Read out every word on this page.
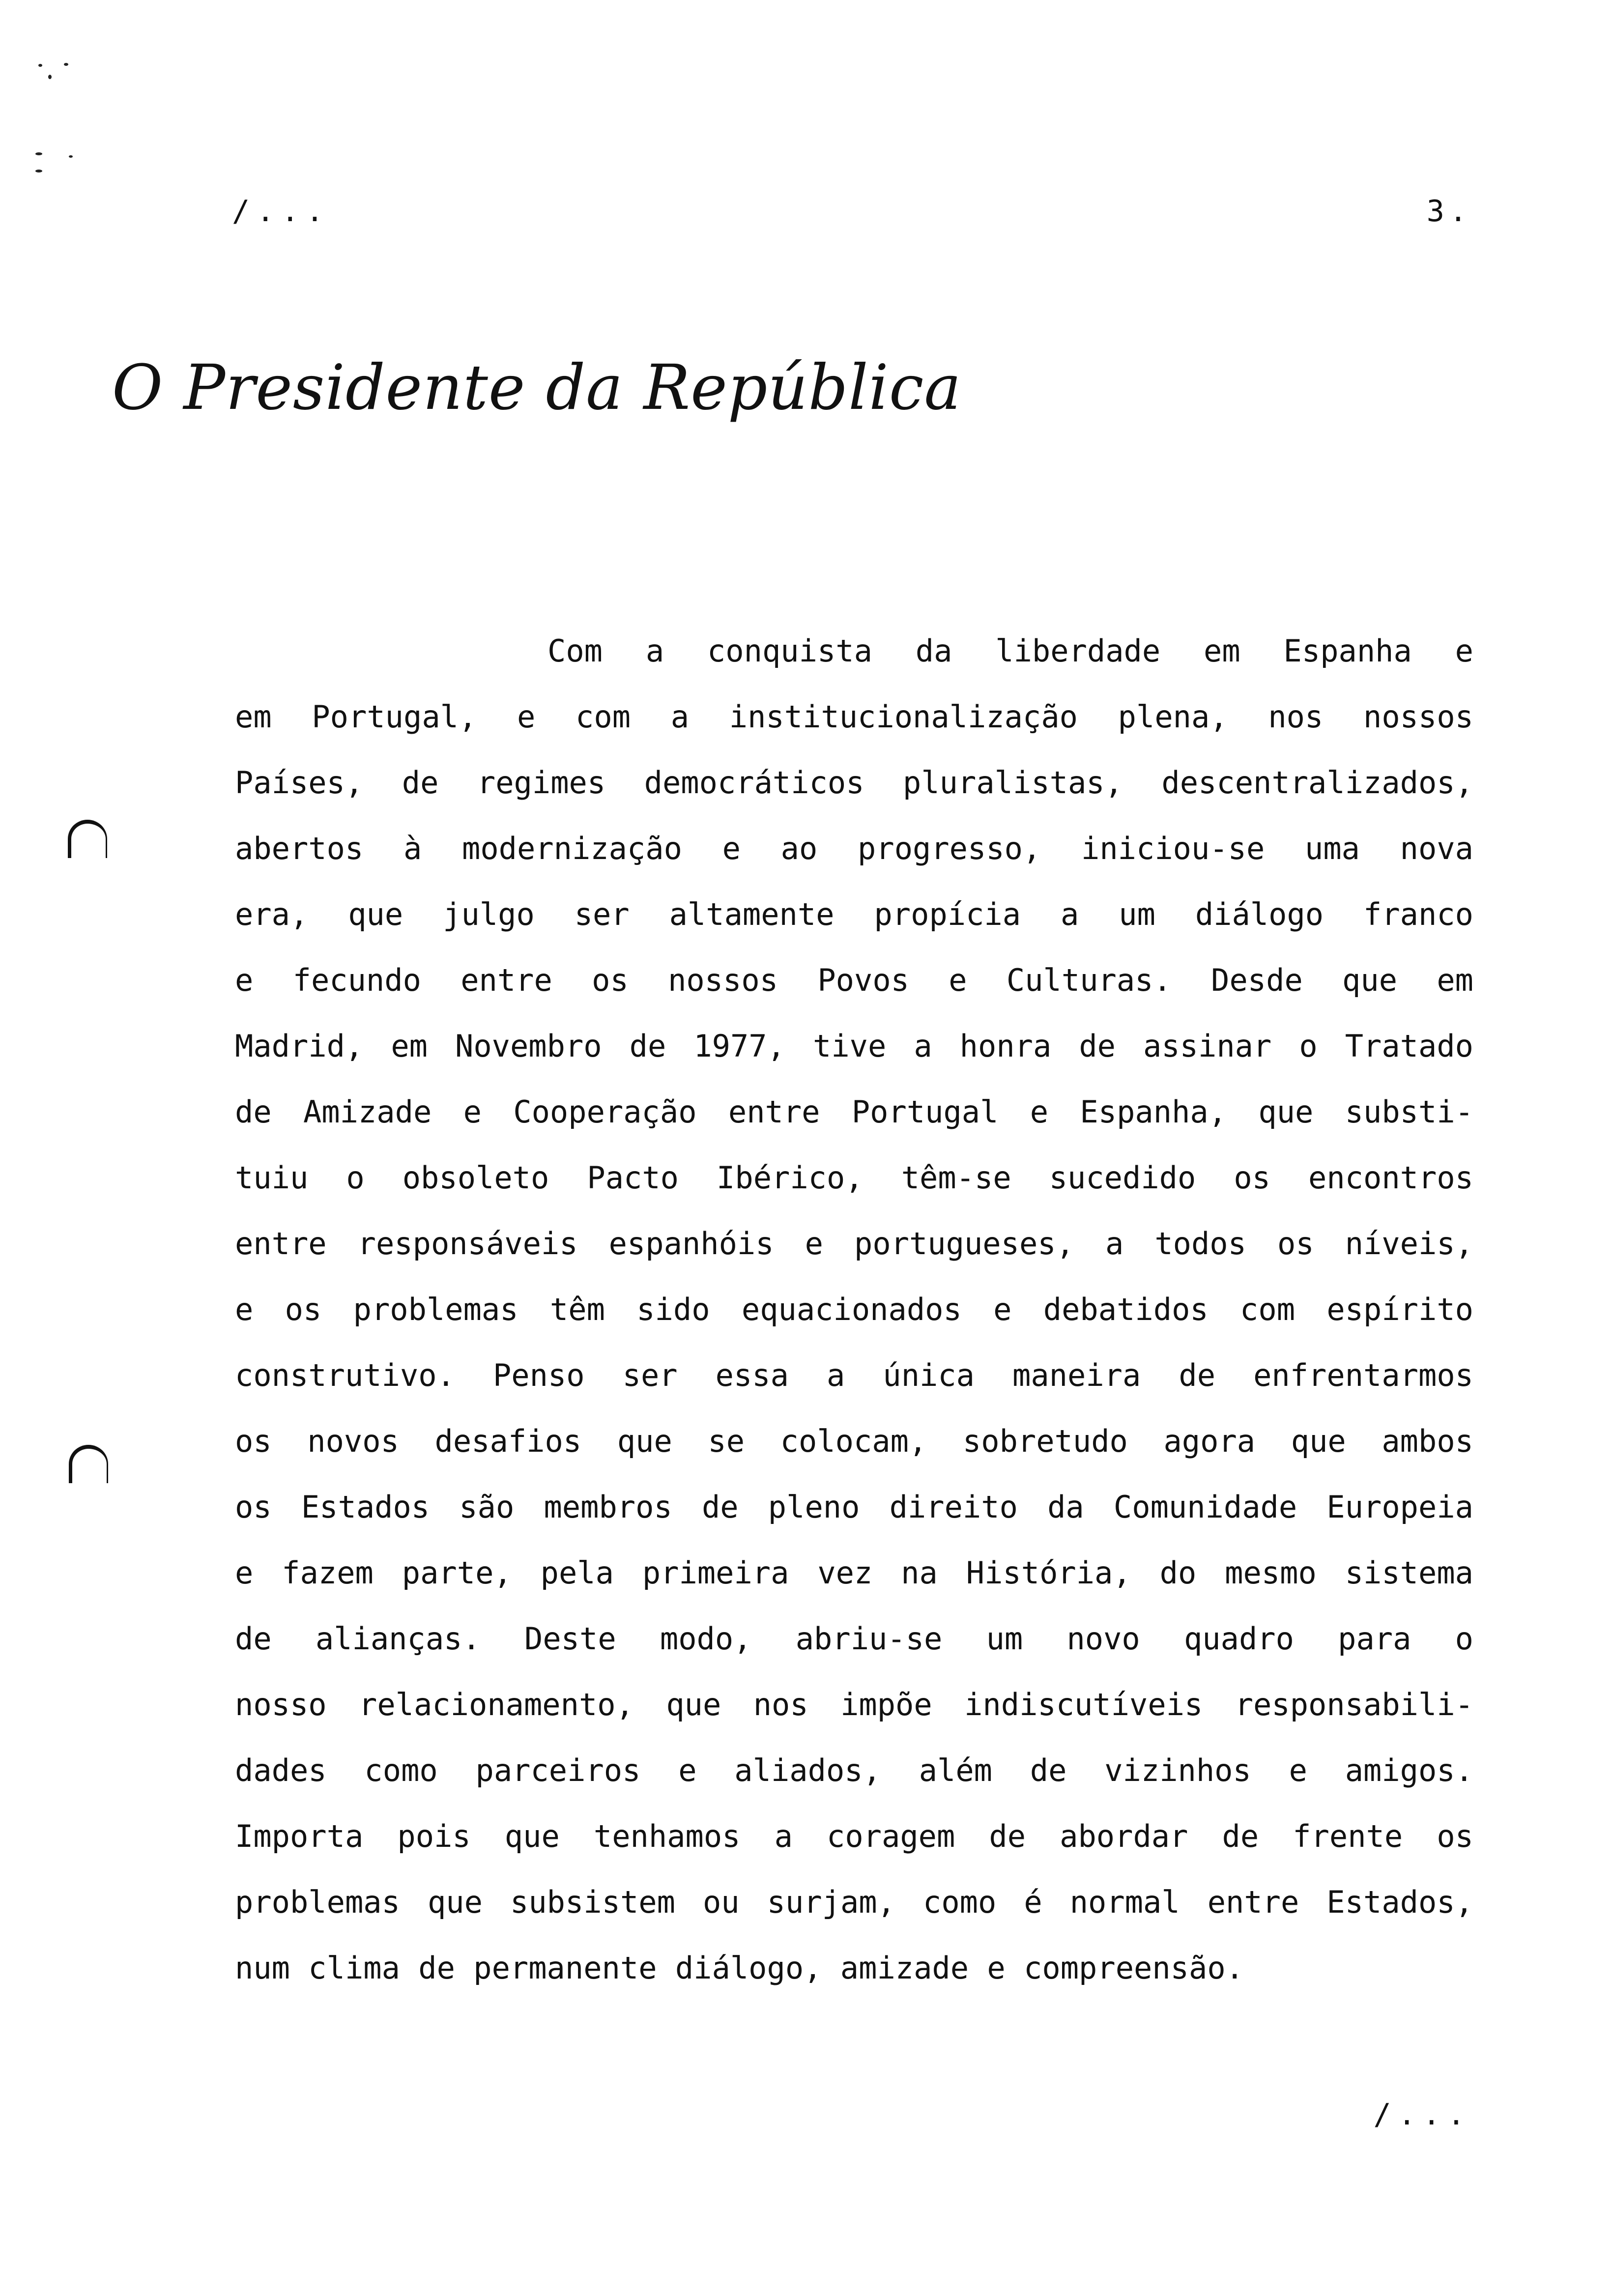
/...	3.
O Presidente da República
Com a conquista da liberdade em Espanha e
em Portugal, e com a institucionalização plena, nos nossos
Países, de regimes democráticos pluralistas, descentralizados,
abertos à modernização e ao progresso, iniciou-se uma nova
era, que julgo ser altamente propícia a um diálogo franco
e fecundo entre os nossos Povos e Culturas. Desde que em
Madrid, em Novembro de 1977, tive a honra de assinar o Tratado
de Amizade e Cooperação entre Portugal e Espanha, que substi-
tuiu o obsoleto Pacto Ibérico, têm-se sucedido os encontros
entre responsáveis espanhóis e portugueses, a todos os níveis,
e os problemas têm sido equacionados e debatidos com espírito
construtivo. Penso ser essa a única maneira de enfrentarmos
os novos desafios que se colocam, sobretudo agora que ambos
os Estados são membros de pleno direito da Comunidade Europeia
e fazem parte, pela primeira vez na História, do mesmo sistema
de alianças. Deste modo, abriu-se um novo quadro para o
nosso relacionamento, que nos impõe indiscutíveis responsabili-
dades como parceiros e aliados, além de vizinhos e amigos.
Importa pois que tenhamos a coragem de abordar de frente os
problemas que subsistem ou surjam, como é normal entre Estados,
num clima de permanente diálogo, amizade e compreensão.
/...
